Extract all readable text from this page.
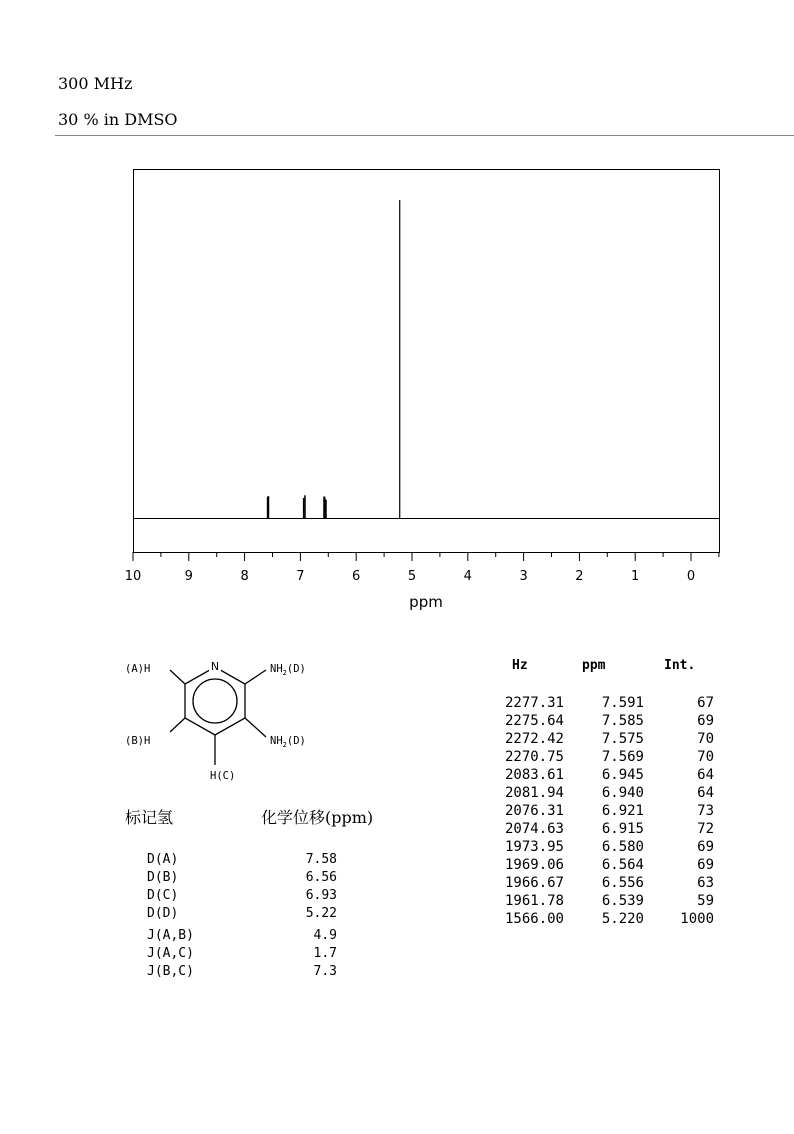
300 MHz
30 % in DMSO
10	9	8	7	6	5	4	3	2	1	0
ppm
N
(A)H
(B)H
H(C)
$NH_2(D)$
$NH_2(D)$
Hz	ppm	Int.
2277.31	7.591	67
2275.64	7.585	69
2272.42	7.575	70
2270.75	7.569	70
2083.61	6.945	64
2081.94	6.940	64
2076.31	6.921	73
2074.63	6.915	72
1973.95	6.580	69
1969.06	6.564	69
1966.67	6.556	63
1961.78	6.539	59
1566.00	5.220	1000
标记氢	化学位移(ppm)
D(A)	7.58
D(B)	6.56
D(C)	6.93
D(D)	5.22
J(A,B)	4.9
J(A,C)	1.7
J(B,C)	7.3
